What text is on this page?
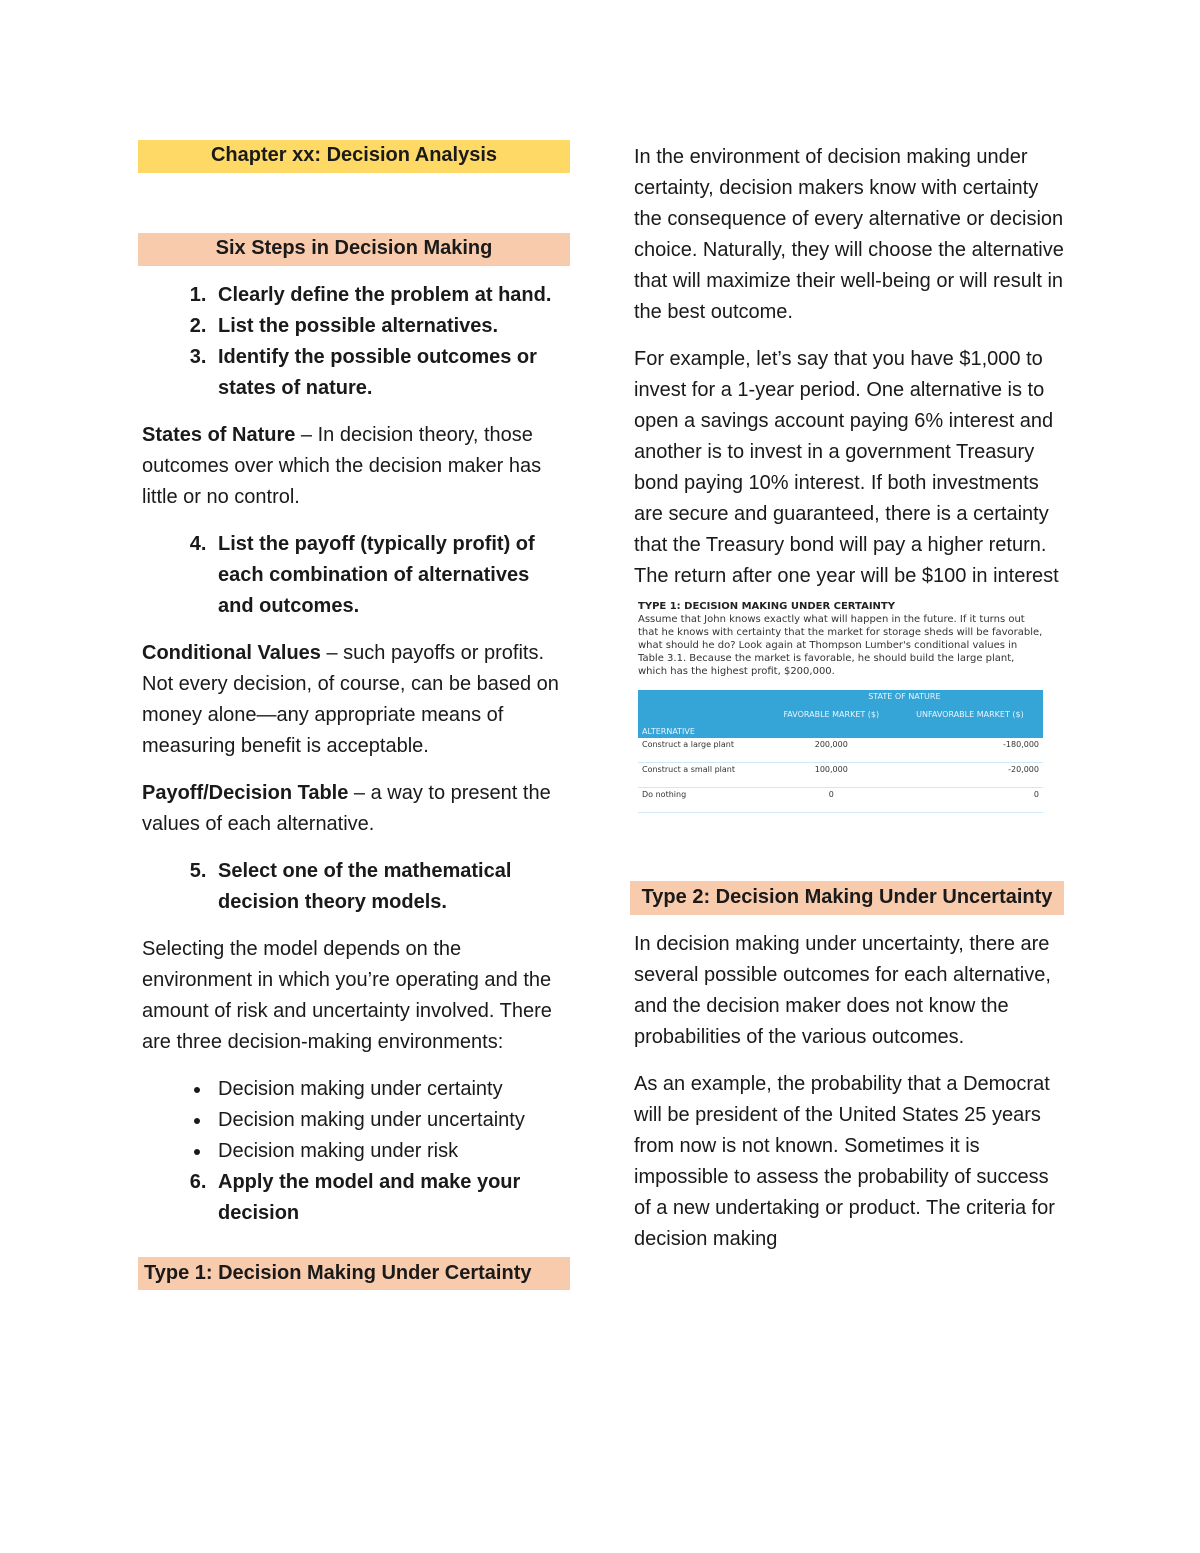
Chapter xx: Decision Analysis
Six Steps in Decision Making
1. Clearly define the problem at hand.
2. List the possible alternatives.
3. Identify the possible outcomes or states of nature.

States of Nature – In decision theory, those outcomes over which the decision maker has little or no control.

4. List the payoff (typically profit) of each combination of alternatives and outcomes.

Conditional Values – such payoffs or profits. Not every decision, of course, can be based on money alone—any appropriate means of measuring benefit is acceptable.

Payoff/Decision Table – a way to present the values of each alternative.

5. Select one of the mathematical decision theory models.

Selecting the model depends on the environment in which you’re operating and the amount of risk and uncertainty involved. There are three decision-making environments:

• Decision making under certainty
• Decision making under uncertainty
• Decision making under risk
6. Apply the model and make your decision
Type 1: Decision Making Under Certainty

In the environment of decision making under certainty, decision makers know with certainty the consequence of every alternative or decision choice. Naturally, they will choose the alternative that will maximize their well-being or will result in the best outcome.

For example, let’s say that you have $1,000 to invest for a 1-year period. One alternative is to open a savings account paying 6% interest and another is to invest in a government Treasury bond paying 10% interest. If both investments are secure and guaranteed, there is a certainty that the Treasury bond will pay a higher return. The return after one year will be $100 in interest

TYPE 1: DECISION MAKING UNDER CERTAINTY
Assume that John knows exactly what will happen in the future. If it turns out that he knows with certainty that the market for storage sheds will be favorable, what should he do? Look again at Thompson Lumber's conditional values in Table 3.1. Because the market is favorable, he should build the large plant, which has the highest profit, $200,000.
	STATE OF NATURE	
ALTERNATIVE	FAVORABLE MARKET ($)	UNFAVORABLE MARKET ($)
Construct a large plant	200,000	-180,000
Construct a small plant	100,000	-20,000
Do nothing	0	0
Type 2: Decision Making Under Uncertainty

In decision making under uncertainty, there are several possible outcomes for each alternative, and the decision maker does not know the probabilities of the various outcomes.

As an example, the probability that a Democrat will be president of the United States 25 years from now is not known. Sometimes it is impossible to assess the probability of success of a new undertaking or product. The criteria for decision making
